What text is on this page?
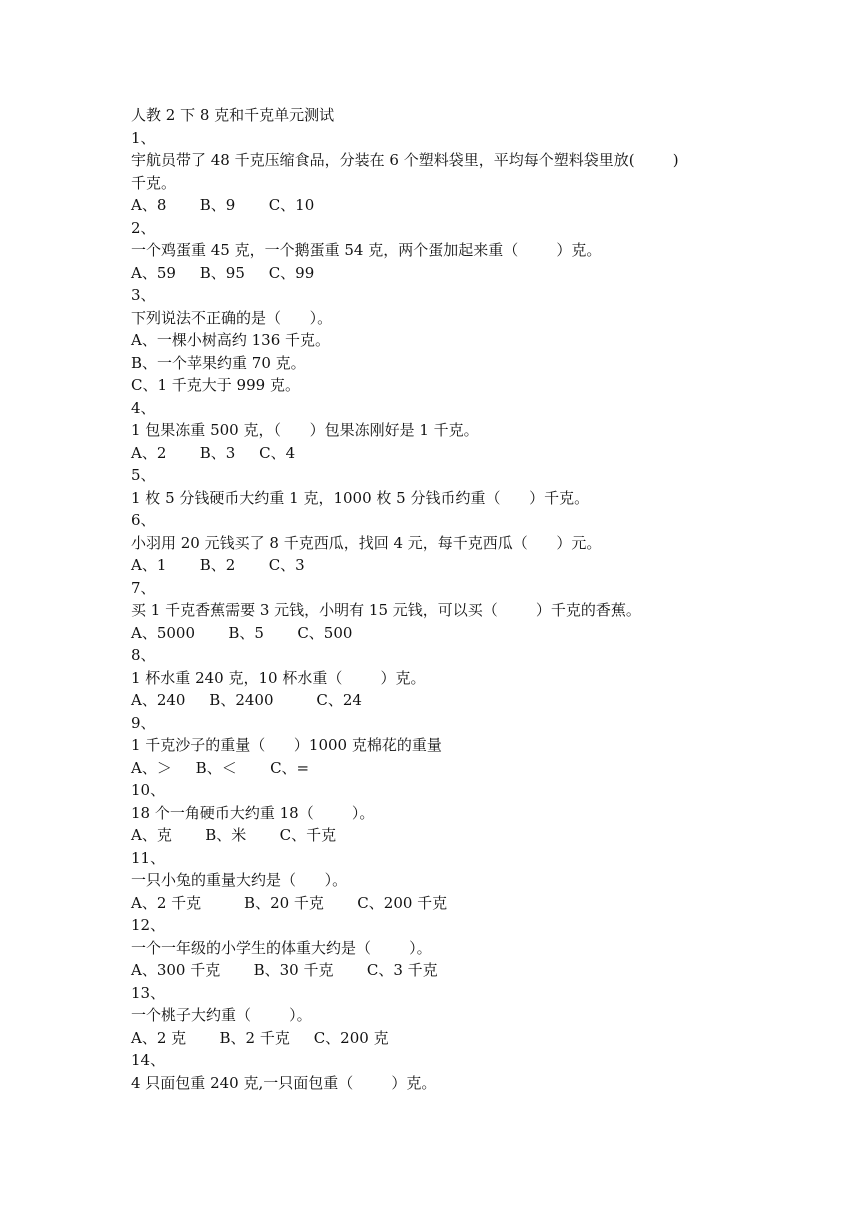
人教 2 下 8 克和千克单元测试
1、
宇航员带了 48 千克压缩食品，分装在 6 个塑料袋里，平均每个塑料袋里放(        )
千克。
A、8       B、9       C、10
2、
一个鸡蛋重 45 克，一个鹅蛋重 54 克，两个蛋加起来重（        ）克。
A、59     B、95     C、99
3、
下列说法不正确的是（      ）。
A、一棵小树高约 136 千克。
B、一个苹果约重 70 克。
C、1 千克大于 999 克。
4、
1 包果冻重 500 克，（      ）包果冻刚好是 1 千克。
A、2       B、3     C、4
5、
1 枚 5 分钱硬币大约重 1 克，1000 枚 5 分钱币约重（      ）千克。
6、
小羽用 20 元钱买了 8 千克西瓜，找回 4 元，每千克西瓜（      ）元。
A、1       B、2       C、3
7、
买 1 千克香蕉需要 3 元钱，小明有 15 元钱，可以买（        ）千克的香蕉。
A、5000       B、5       C、500
8、
1 杯水重 240 克，10 杯水重（        ）克。
A、240     B、2400         C、24
9、
1 千克沙子的重量（      ）1000 克棉花的重量
A、＞     B、＜       C、=
10、
18 个一角硬币大约重 18（        ）。
A、克       B、米       C、千克
11、
一只小兔的重量大约是（      ）。
A、2 千克         B、20 千克       C、200 千克
12、
一个一年级的小学生的体重大约是（        ）。
A、300 千克       B、30 千克       C、3 千克
13、
一个桃子大约重（        ）。
A、2 克       B、2 千克     C、200 克
14、
4 只面包重 240 克,一只面包重（        ）克。
